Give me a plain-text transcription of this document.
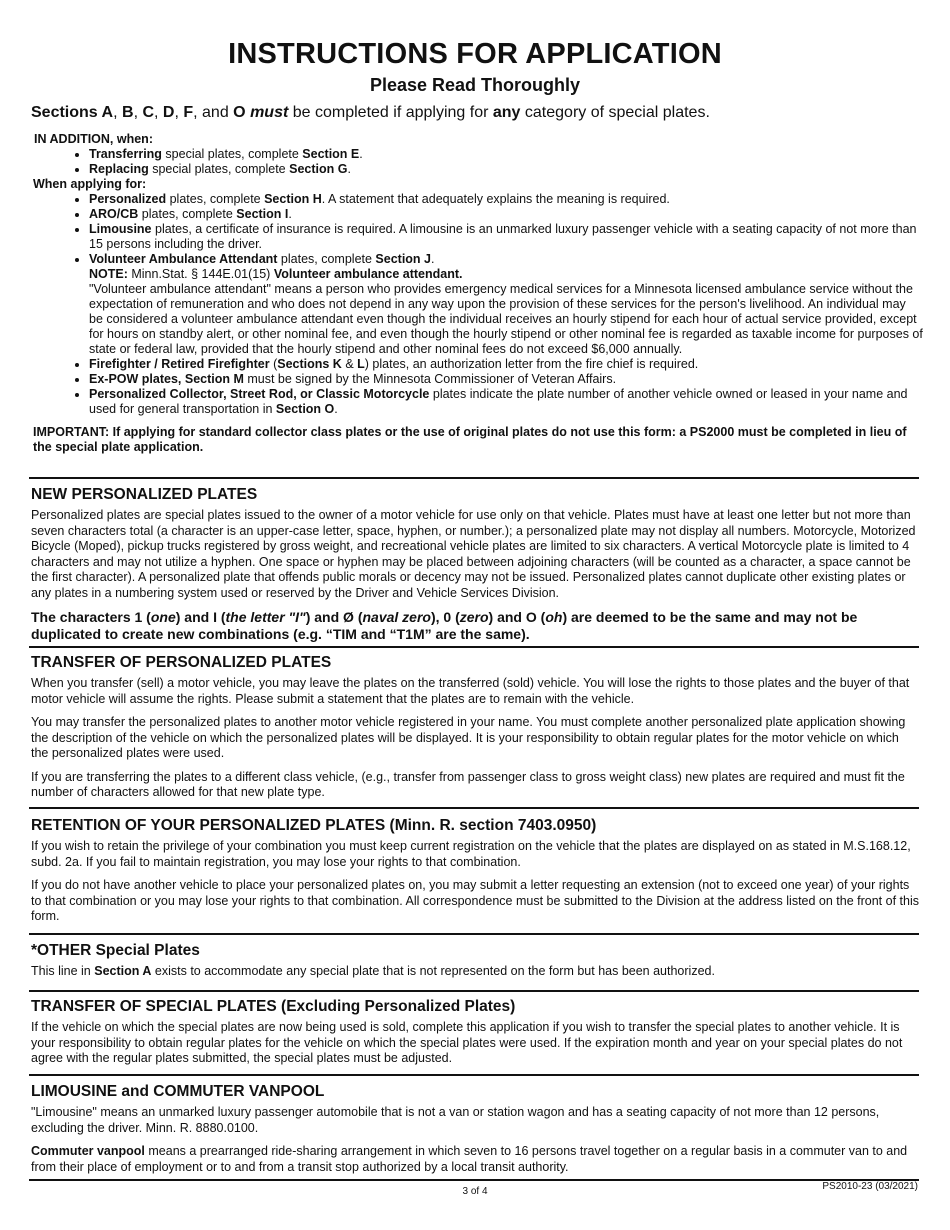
INSTRUCTIONS FOR APPLICATION
Please Read Thoroughly
Sections A, B, C, D, F, and O must be completed if applying for any category of special plates.

IN ADDITION, when:

• Transferring special plates, complete Section E.
• Replacing special plates, complete Section G.

When applying for:

• Personalized plates, complete Section H. A statement that adequately explains the meaning is required.
• ARO/CB plates, complete Section I.
• Limousine plates, a certificate of insurance is required. A limousine is an unmarked luxury passenger vehicle with a seating capacity of not more than 15 persons including the driver.
• Volunteer Ambulance Attendant plates, complete Section J.
NOTE: Minn.Stat. § 144E.01(15) Volunteer ambulance attendant.
"Volunteer ambulance attendant" means a person who provides emergency medical services for a Minnesota licensed ambulance service without the expectation of remuneration and who does not depend in any way upon the provision of these services for the person's livelihood. An individual may be considered a volunteer ambulance attendant even though the individual receives an hourly stipend for each hour of actual service provided, except for hours on standby alert, or other nominal fee, and even though the hourly stipend or other nominal fee is regarded as taxable income for purposes of state or federal law, provided that the hourly stipend and other nominal fees do not exceed $6,000 annually.
• Firefighter / Retired Firefighter (Sections K & L) plates, an authorization letter from the fire chief is required.
• Ex-POW plates, Section M must be signed by the Minnesota Commissioner of Veteran Affairs.
• Personalized Collector, Street Rod, or Classic Motorcycle plates indicate the plate number of another vehicle owned or leased in your name and used for general transportation in Section O.

IMPORTANT: If applying for standard collector class plates or the use of original plates do not use this form: a PS2000 must be completed in lieu of the special plate application.

NEW PERSONALIZED PLATES
Personalized plates are special plates issued to the owner of a motor vehicle for use only on that vehicle. Plates must have at least one letter but not more than seven characters total (a character is an upper-case letter, space, hyphen, or number.); a personalized plate may not display all numbers. Motorcycle, Motorized Bicycle (Moped), pickup trucks registered by gross weight, and recreational vehicle plates are limited to six characters. A vertical Motorcycle plate is limited to 4 characters and may not utilize a hyphen. One space or hyphen may be placed between adjoining characters (will be counted as a character, a space cannot be the first character). A personalized plate that offends public morals or decency may not be issued. Personalized plates cannot duplicate other existing plates or any plates in a numbering system used or reserved by the Driver and Vehicle Services Division.
The characters 1 (one) and I (the letter "I") and Ø (naval zero), 0 (zero) and O (oh) are deemed to be the same and may not be duplicated to create new combinations (e.g. “TIM and “T1M” are the same).
TRANSFER OF PERSONALIZED PLATES
When you transfer (sell) a motor vehicle, you may leave the plates on the transferred (sold) vehicle. You will lose the rights to those plates and the buyer of that motor vehicle will assume the rights. Please submit a statement that the plates are to remain with the vehicle.
You may transfer the personalized plates to another motor vehicle registered in your name. You must complete another personalized plate application showing the description of the vehicle on which the personalized plates will be displayed. It is your responsibility to obtain regular plates for the motor vehicle on which the personalized plates were used.
If you are transferring the plates to a different class vehicle, (e.g., transfer from passenger class to gross weight class) new plates are required and must fit the number of characters allowed for that new plate type.
RETENTION OF YOUR PERSONALIZED PLATES (Minn. R. section 7403.0950)
If you wish to retain the privilege of your combination you must keep current registration on the vehicle that the plates are displayed on as stated in M.S.168.12, subd. 2a. If you fail to maintain registration, you may lose your rights to that combination.
If you do not have another vehicle to place your personalized plates on, you may submit a letter requesting an extension (not to exceed one year) of your rights to that combination or you may lose your rights to that combination. All correspondence must be submitted to the Division at the address listed on the front of this form.
*OTHER Special Plates
This line in Section A exists to accommodate any special plate that is not represented on the form but has been authorized.
TRANSFER OF SPECIAL PLATES (Excluding Personalized Plates)
If the vehicle on which the special plates are now being used is sold, complete this application if you wish to transfer the special plates to another vehicle. It is your responsibility to obtain regular plates for the vehicle on which the special plates were used. If the expiration month and year on your special plates do not agree with the regular plates submitted, the special plates must be adjusted.
LIMOUSINE and COMMUTER VANPOOL
"Limousine" means an unmarked luxury passenger automobile that is not a van or station wagon and has a seating capacity of not more than 12 persons, excluding the driver. Minn. R. 8880.0100.
Commuter vanpool means a prearranged ride-sharing arrangement in which seven to 16 persons travel together on a regular basis in a commuter van to and from their place of employment or to and from a transit stop authorized by a local transit authority.
3 of 4	PS2010-23 (03/2021)
